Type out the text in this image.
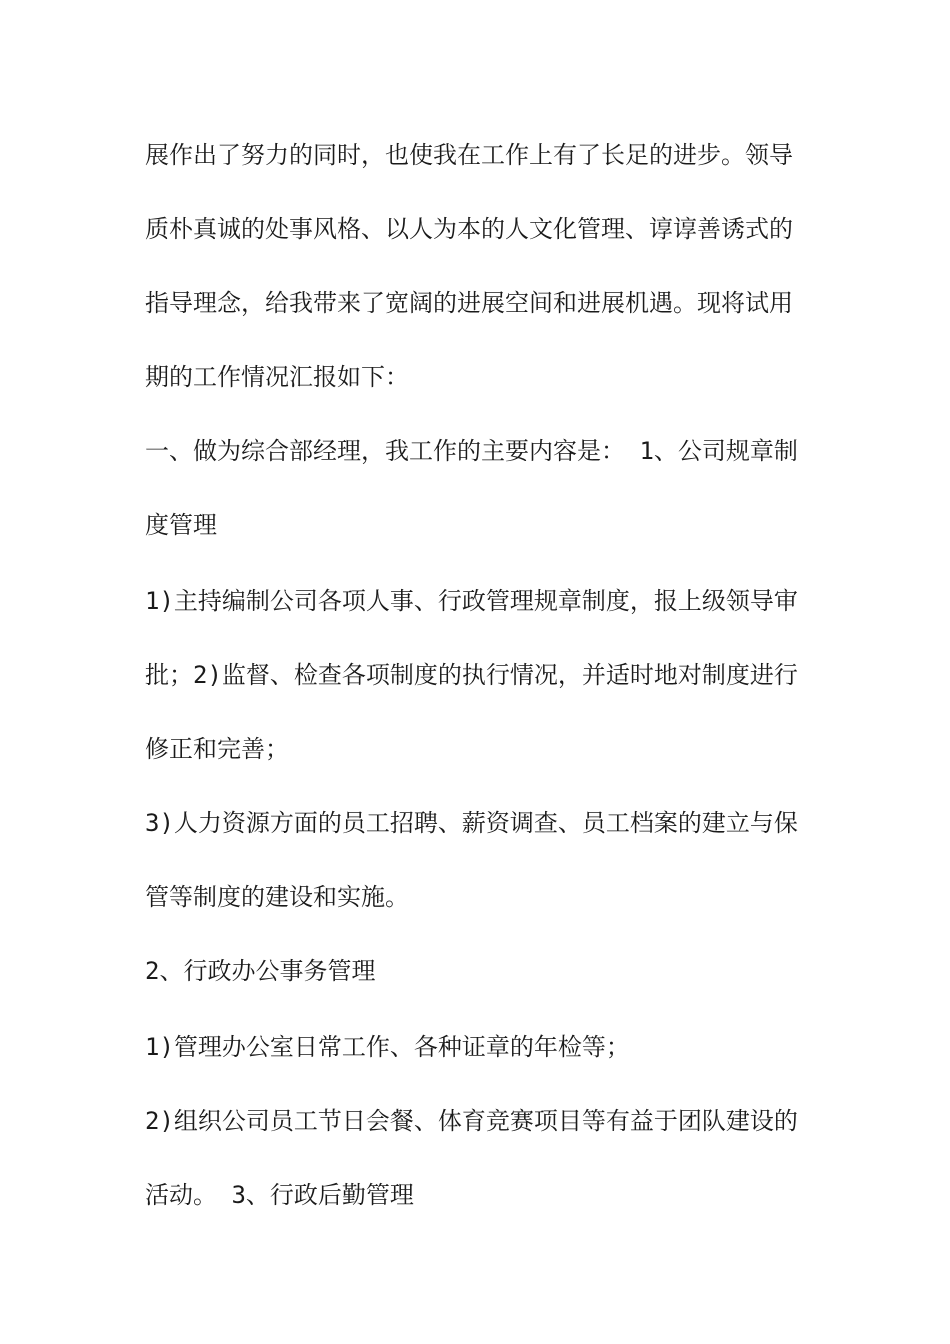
展作出了努力的同时，也使我在工作上有了长足的进步。领导
质朴真诚的处事风格、以人为本的人文化管理、谆谆善诱式的
指导理念，给我带来了宽阔的进展空间和进展机遇。现将试用
期的工作情况汇报如下：
一、做为综合部经理，我工作的主要内容是： 1、公司规章制
度管理
1)主持编制公司各项人事、行政管理规章制度，报上级领导审
批；2)监督、检查各项制度的执行情况，并适时地对制度进行
修正和完善；
3)人力资源方面的员工招聘、薪资调查、员工档案的建立与保
管等制度的建设和实施。
2、行政办公事务管理
1)管理办公室日常工作、各种证章的年检等；
2)组织公司员工节日会餐、体育竞赛项目等有益于团队建设的
活动。 3、行政后勤管理
